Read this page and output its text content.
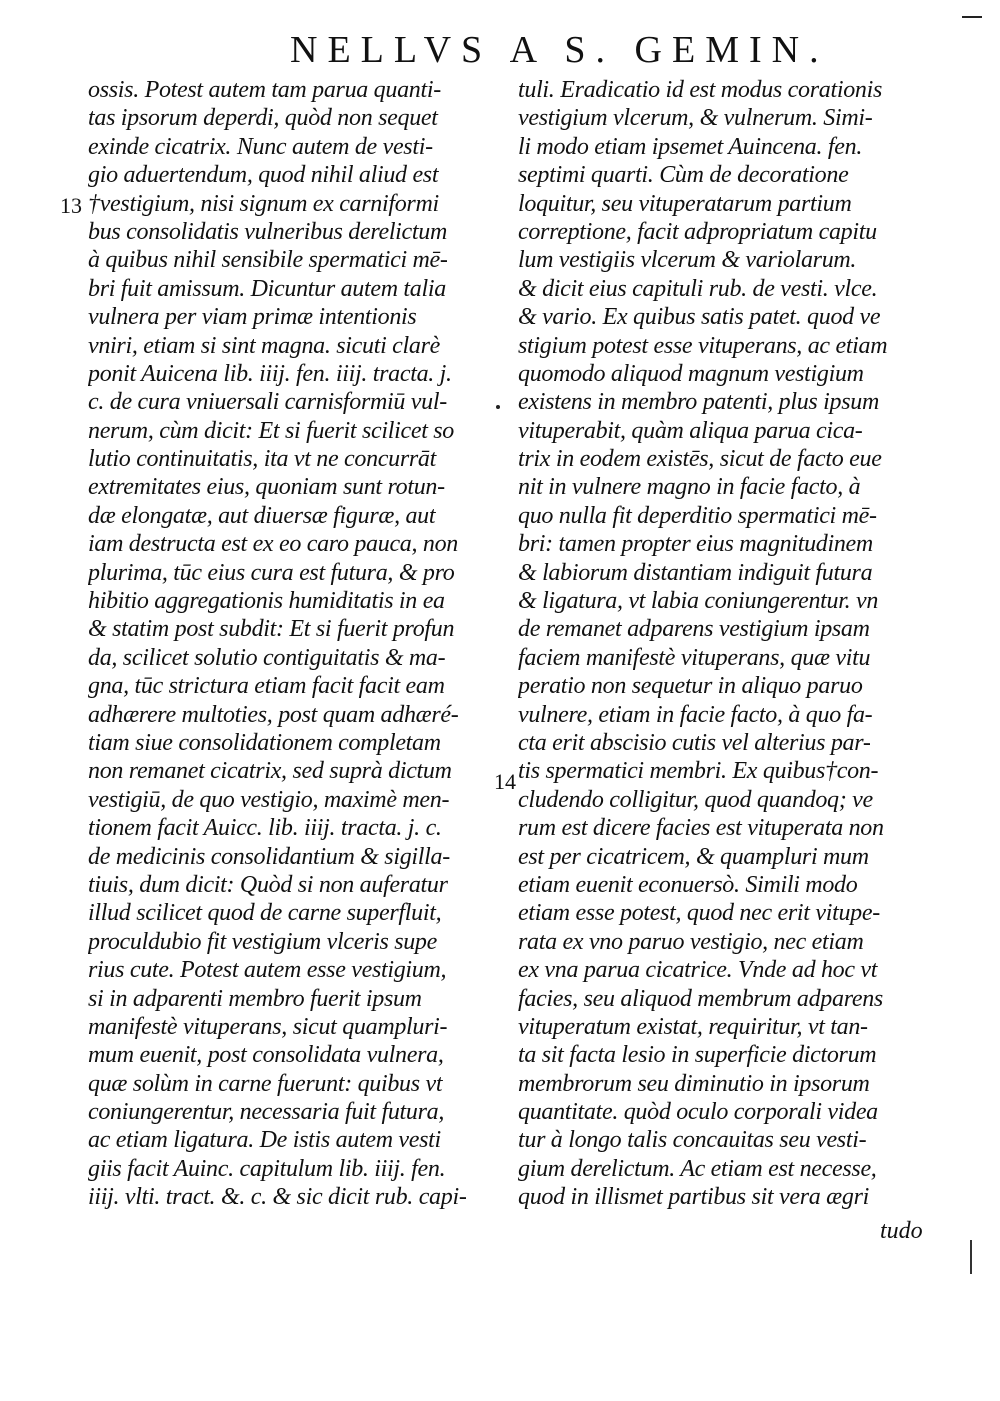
NELLVS A S. GEMIN.
13
14
ossis. Potest autem tam parua quanti-
tas ipsorum deperdi, quòd non sequet
exinde cicatrix. Nunc autem de vesti-
gio aduertendum, quod nihil aliud est
†vestigium, nisi signum ex carniformi
bus consolidatis vulneribus derelictum
à quibus nihil sensibile spermatici mē-
bri fuit amissum. Dicuntur autem talia
vulnera per viam primæ intentionis
vniri, etiam si sint magna. sicuti clarè
ponit Auicena lib. iiij. fen. iiij. tracta. j.
c. de cura vniuersali carnisformiū vul-
nerum, cùm dicit: Et si fuerit scilicet so
lutio continuitatis, ita vt ne concurrāt
extremitates eius, quoniam sunt rotun-
dæ elongatæ, aut diuersæ figuræ, aut
iam destructa est ex eo caro pauca, non
plurima, tūc eius cura est futura, & pro
hibitio aggregationis humiditatis in ea
& statim post subdit: Et si fuerit profun
da, scilicet solutio contiguitatis & ma-
gna, tūc strictura etiam facit facit eam
adhærere multoties, post quam adhæré-
tiam siue consolidationem completam
non remanet cicatrix, sed suprà dictum
vestigiū, de quo vestigio, maximè men-
tionem facit Auicc. lib. iiij. tracta. j. c.
de medicinis consolidantium & sigilla-
tiuis, dum dicit: Quòd si non auferatur
illud scilicet quod de carne superfluit,
proculdubio fit vestigium vlceris supe
rius cute. Potest autem esse vestigium,
si in adparenti membro fuerit ipsum
manifestè vituperans, sicut quampluri-
mum euenit, post consolidata vulnera,
quæ solùm in carne fuerunt: quibus vt
coniungerentur, necessaria fuit futura,
ac etiam ligatura. De istis autem vesti
giis facit Auinc. capitulum lib. iiij. fen.
iiij. vlti. tract. &. c. & sic dicit rub. capi-
tuli. Eradicatio id est modus corationis
vestigium vlcerum, & vulnerum. Simi-
li modo etiam ipsemet Auincena. fen.
septimi quarti. Cùm de decoratione
loquitur, seu vituperatarum partium
correptione, facit adpropriatum capitu
lum vestigiis vlcerum & variolarum.
& dicit eius capituli rub. de vesti. vlce.
& vario. Ex quibus satis patet. quod ve
stigium potest esse vituperans, ac etiam
quomodo aliquod magnum vestigium
existens in membro patenti, plus ipsum
vituperabit, quàm aliqua parua cica-
trix in eodem existēs, sicut de facto eue
nit in vulnere magno in facie facto, à
quo nulla fit deperditio spermatici mē-
bri: tamen propter eius magnitudinem
& labiorum distantiam indiguit futura
& ligatura, vt labia coniungerentur. vn
de remanet adparens vestigium ipsam
faciem manifestè vituperans, quæ vitu
peratio non sequetur in aliquo paruo
vulnere, etiam in facie facto, à quo fa-
cta erit abscisio cutis vel alterius par-
tis spermatici membri. Ex quibus†con-
cludendo colligitur, quod quandoq; ve
rum est dicere facies est vituperata non
est per cicatricem, & quampluri mum
etiam euenit econuersò. Simili modo
etiam esse potest, quod nec erit vitupe-
rata ex vno paruo vestigio, nec etiam
ex vna parua cicatrice. Vnde ad hoc vt
facies, seu aliquod membrum adparens
vituperatum existat, requiritur, vt tan-
ta sit facta lesio in superficie dictorum
membrorum seu diminutio in ipsorum
quantitate. quòd oculo corporali videa
tur à longo talis concauitas seu vesti-
gium derelictum. Ac etiam est necesse,
quod in illismet partibus sit vera ægri
tudo
